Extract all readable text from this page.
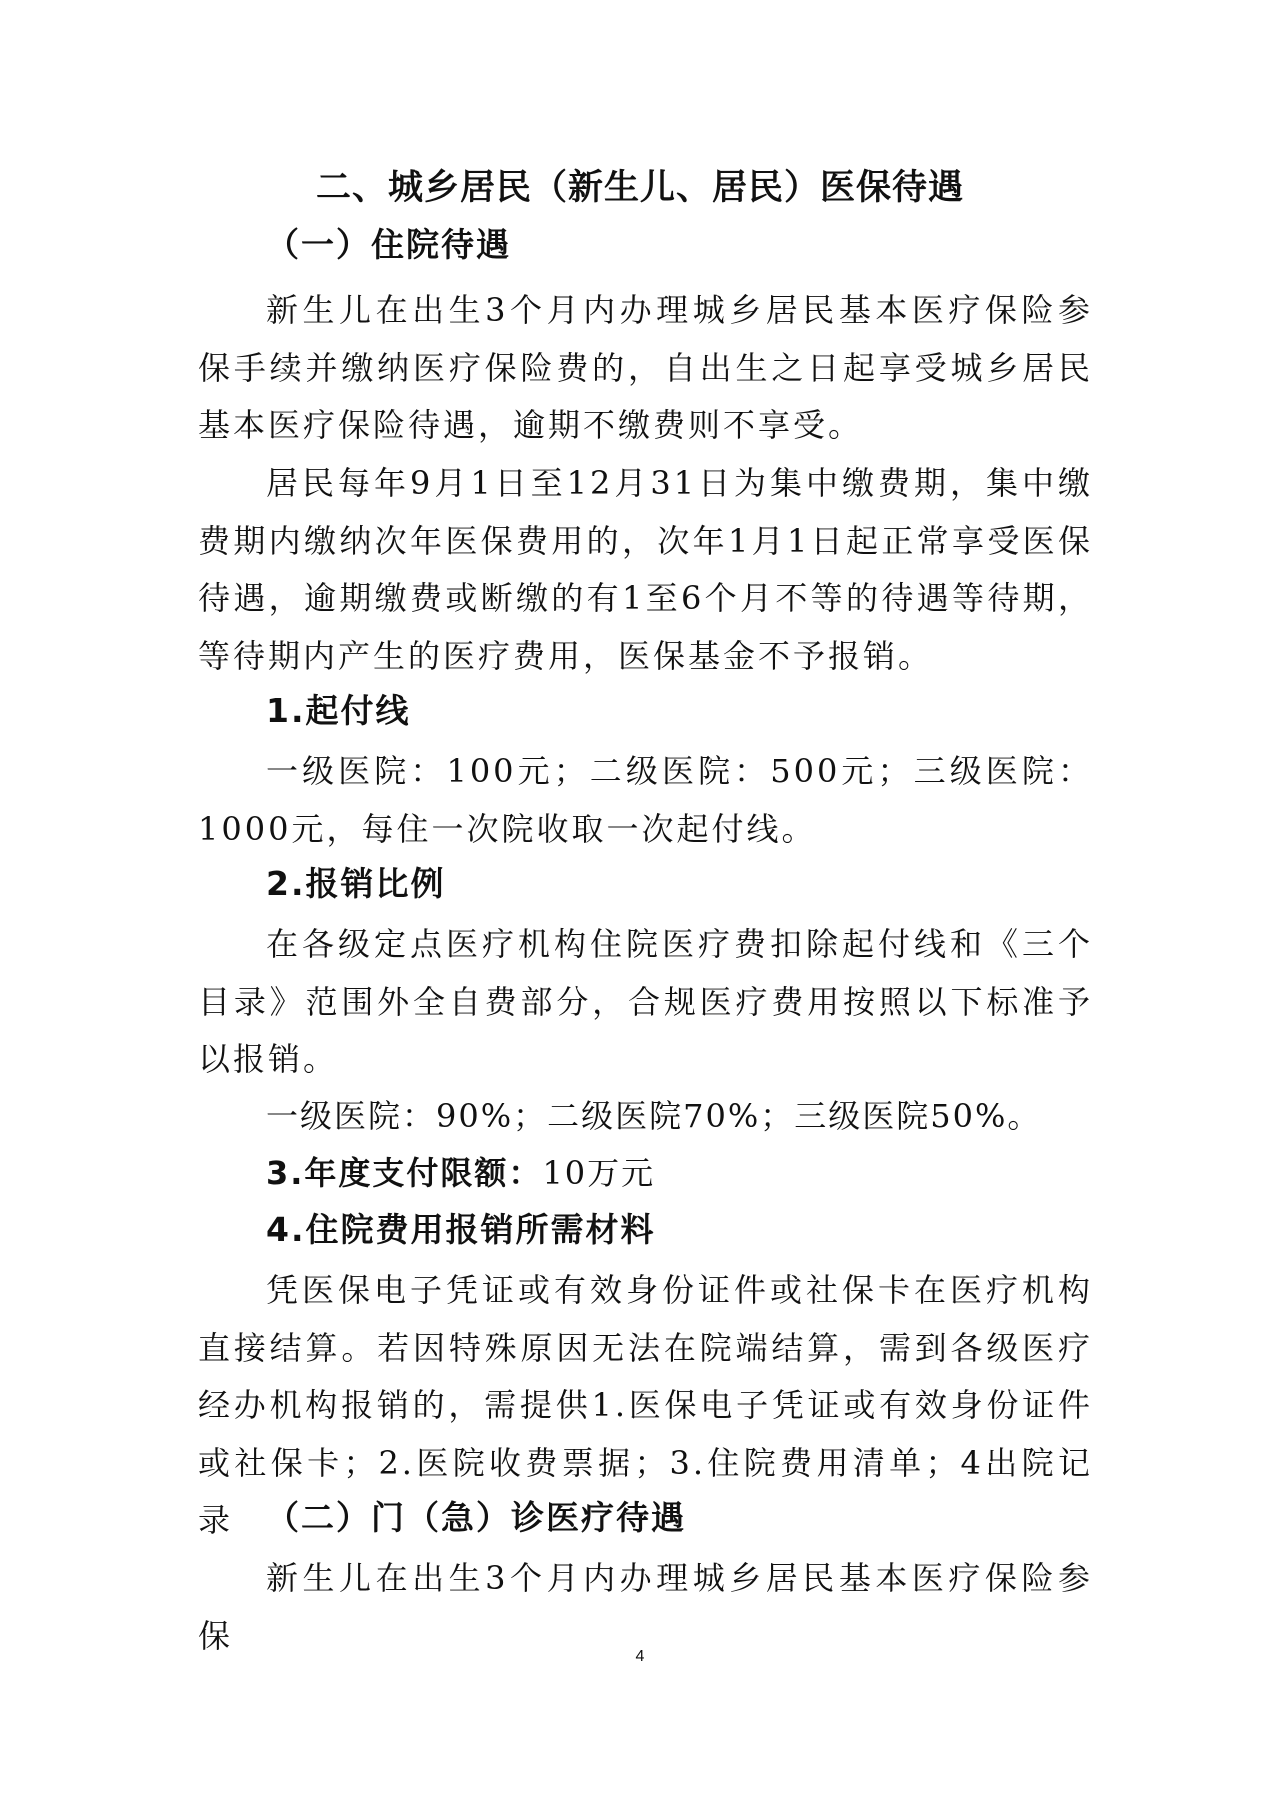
二、城乡居民（新生儿、居民）医保待遇
（一）住院待遇
新生儿在出生3个月内办理城乡居民基本医疗保险参保手续并缴纳医疗保险费的，自出生之日起享受城乡居民基本医疗保险待遇，逾期不缴费则不享受。
居民每年9月1日至12月31日为集中缴费期，集中缴费期内缴纳次年医保费用的，次年1月1日起正常享受医保待遇，逾期缴费或断缴的有1至6个月不等的待遇等待期，等待期内产生的医疗费用，医保基金不予报销。
1.起付线
一级医院：100元；二级医院：500元；三级医院：1000元，每住一次院收取一次起付线。
2.报销比例
在各级定点医疗机构住院医疗费扣除起付线和《三个目录》范围外全自费部分，合规医疗费用按照以下标准予以报销。
一级医院：90%；二级医院70%；三级医院50%。
3.年度支付限额：10万元
4.住院费用报销所需材料
凭医保电子凭证或有效身份证件或社保卡在医疗机构直接结算。若因特殊原因无法在院端结算，需到各级医疗经办机构报销的，需提供1.医保电子凭证或有效身份证件或社保卡；2.医院收费票据；3.住院费用清单；4出院记录 （二）门（急）诊医疗待遇
新生儿在出生3个月内办理城乡居民基本医疗保险参保
4
